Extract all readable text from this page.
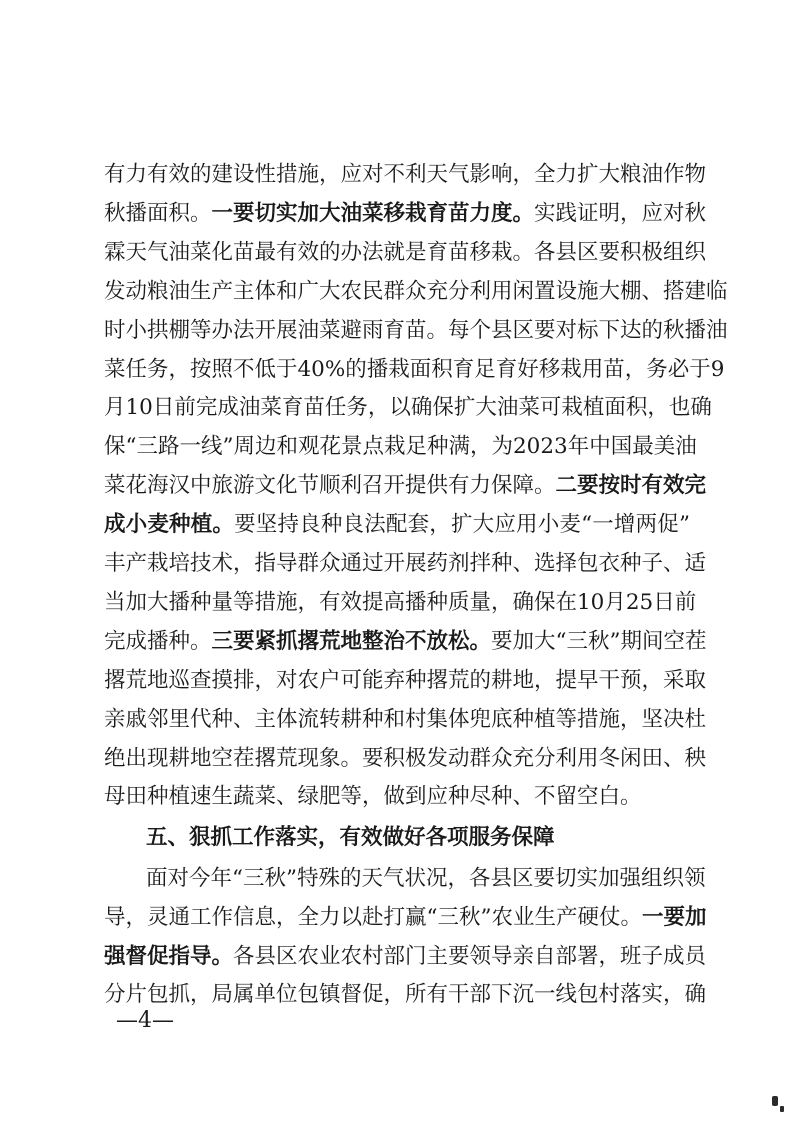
有力有效的建设性措施，应对不利天气影响，全力扩大粮油作物
秋播面积。一要切实加大油菜移栽育苗力度。实践证明，应对秋
霖天气油菜化苗最有效的办法就是育苗移栽。各县区要积极组织
发动粮油生产主体和广大农民群众充分利用闲置设施大棚、搭建临
时小拱棚等办法开展油菜避雨育苗。每个县区要对标下达的秋播油
菜任务，按照不低于40%的播栽面积育足育好移栽用苗，务必于9
月10日前完成油菜育苗任务，以确保扩大油菜可栽植面积，也确
保“三路一线”周边和观花景点栽足种满，为2023年中国最美油
菜花海汉中旅游文化节顺利召开提供有力保障。二要按时有效完
成小麦种植。要坚持良种良法配套，扩大应用小麦“一增两促”
丰产栽培技术，指导群众通过开展药剂拌种、选择包衣种子、适
当加大播种量等措施，有效提高播种质量，确保在10月25日前
完成播种。三要紧抓撂荒地整治不放松。要加大“三秋”期间空茬
撂荒地巡查摸排，对农户可能弃种撂荒的耕地，提早干预，采取
亲戚邻里代种、主体流转耕种和村集体兜底种植等措施，坚决杜
绝出现耕地空茬撂荒现象。要积极发动群众充分利用冬闲田、秧
母田种植速生蔬菜、绿肥等，做到应种尽种、不留空白。
五、狠抓工作落实，有效做好各项服务保障
面对今年“三秋”特殊的天气状况，各县区要切实加强组织领
导，灵通工作信息，全力以赴打赢“三秋”农业生产硬仗。一要加
强督促指导。各县区农业农村部门主要领导亲自部署，班子成员
分片包抓，局属单位包镇督促，所有干部下沉一线包村落实，确
—4—
